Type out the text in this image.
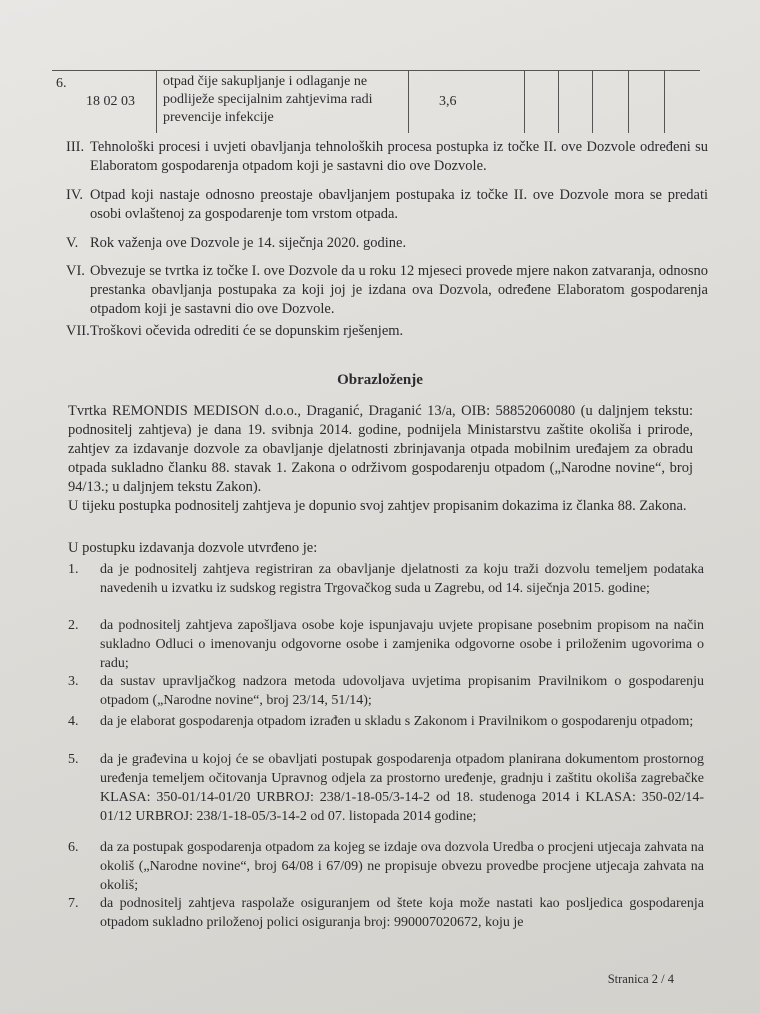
6.
18 02 03
otpad čije sakupljanje i odlaganje ne
podliježe specijalnim zahtjevima radi
prevencije infekcije
3,6
III. Tehnološki procesi i uvjeti obavljanja tehnoloških procesa postupka iz točke II. ove Dozvole određeni su Elaboratom gospodarenja otpadom koji je sastavni dio ove Dozvole.
IV. Otpad koji nastaje odnosno preostaje obavljanjem postupaka iz točke II. ove Dozvole mora se predati osobi ovlaštenoj za gospodarenje tom vrstom otpada.
V. Rok važenja ove Dozvole je 14. siječnja 2020. godine.
VI. Obvezuje se tvrtka iz točke I. ove Dozvole da u roku 12 mjeseci provede mjere nakon zatvaranja, odnosno prestanka obavljanja postupaka za koji joj je izdana ova Dozvola, određene Elaboratom gospodarenja otpadom koji je sastavni dio ove Dozvole.
VII. Troškovi očevida odrediti će se dopunskim rješenjem.
Obrazloženje
Tvrtka REMONDIS MEDISON d.o.o., Draganić, Draganić 13/a, OIB: 58852060080 (u daljnjem tekstu: podnositelj zahtjeva) je dana 19. svibnja 2014. godine, podnijela Ministarstvu zaštite okoliša i prirode, zahtjev za izdavanje dozvole za obavljanje djelatnosti zbrinjavanja otpada mobilnim uređajem za obradu otpada sukladno članku 88. stavak 1. Zakona o održivom gospodarenju otpadom („Narodne novine“, broj 94/13.; u daljnjem tekstu Zakon).
U tijeku postupka podnositelj zahtjeva je dopunio svoj zahtjev propisanim dokazima iz članka 88. Zakona.
U postupku izdavanja dozvole utvrđeno je:
1. da je podnositelj zahtjeva registriran za obavljanje djelatnosti za koju traži dozvolu temeljem podataka navedenih u izvatku iz sudskog registra Trgovačkog suda u Zagrebu, od 14. siječnja 2015. godine;
2. da podnositelj zahtjeva zapošljava osobe koje ispunjavaju uvjete propisane posebnim propisom na način sukladno Odluci o imenovanju odgovorne osobe i zamjenika odgovorne osobe i priloženim ugovorima o radu;
3. da sustav upravljačkog nadzora metoda udovoljava uvjetima propisanim Pravilnikom o gospodarenju otpadom („Narodne novine“, broj 23/14, 51/14);
4. da je elaborat gospodarenja otpadom izrađen u skladu s Zakonom i Pravilnikom o gospodarenju otpadom;
5. da je građevina u kojoj će se obavljati postupak gospodarenja otpadom planirana dokumentom prostornog uređenja temeljem očitovanja Upravnog odjela za prostorno uređenje, gradnju i zaštitu okoliša zagrebačke KLASA: 350-01/14-01/20 URBROJ: 238/1-18-05/3-14-2 od 18. studenoga 2014 i KLASA: 350-02/14-01/12 URBROJ: 238/1-18-05/3-14-2 od 07. listopada 2014 godine;
6. da za postupak gospodarenja otpadom za kojeg se izdaje ova dozvola Uredba o procjeni utjecaja zahvata na okoliš („Narodne novine“, broj 64/08 i 67/09) ne propisuje obvezu provedbe procjene utjecaja zahvata na okoliš;
7. da podnositelj zahtjeva raspolaže osiguranjem od štete koja može nastati kao posljedica gospodarenja otpadom sukladno priloženoj polici osiguranja broj: 990007020672, koju je
Stranica 2 / 4
